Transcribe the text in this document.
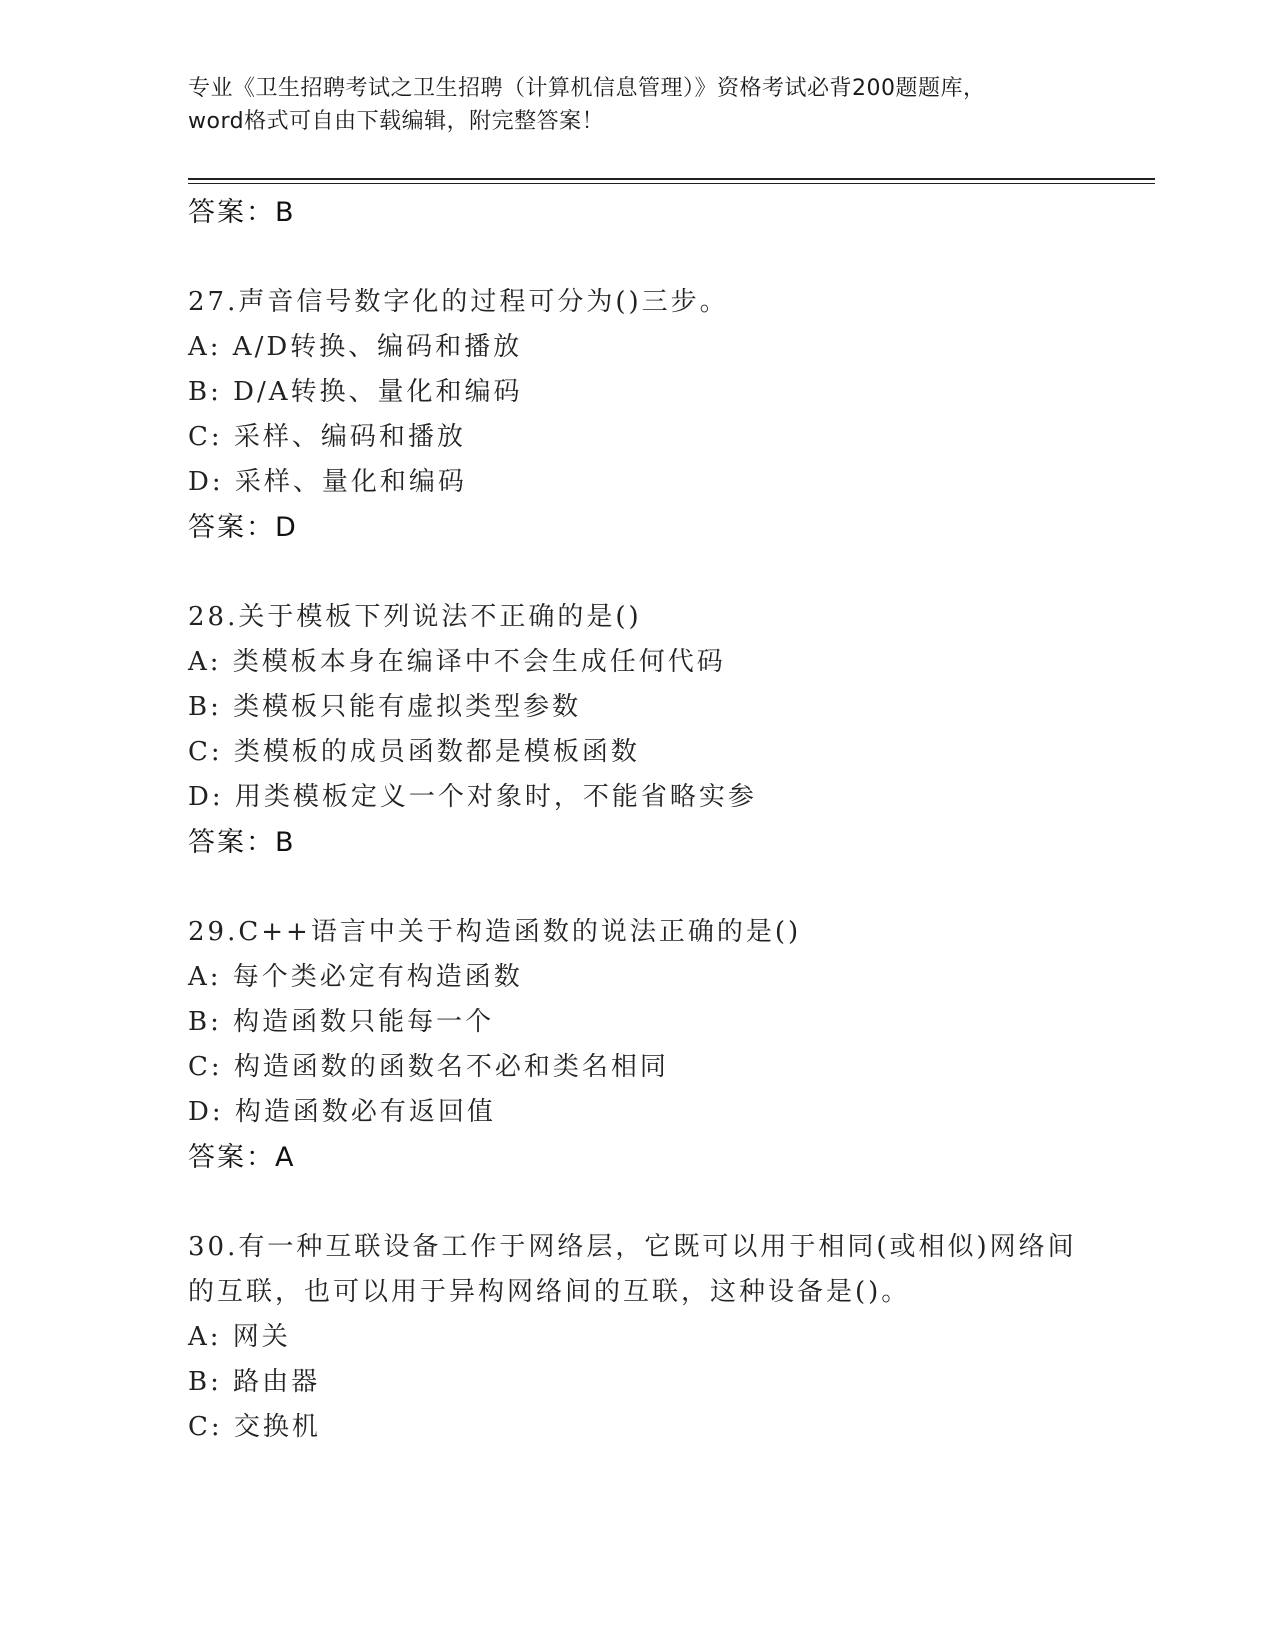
专业《卫生招聘考试之卫生招聘（计算机信息管理）》资格考试必背200题题库，
word格式可自由下载编辑，附完整答案！
答案：B
27.声音信号数字化的过程可分为()三步。
A: A/D转换、编码和播放
B: D/A转换、量化和编码
C: 采样、编码和播放
D: 采样、量化和编码
答案：D
28.关于模板下列说法不正确的是()
A: 类模板本身在编译中不会生成任何代码
B: 类模板只能有虚拟类型参数
C: 类模板的成员函数都是模板函数
D: 用类模板定义一个对象时，不能省略实参
答案：B
29.C++语言中关于构造函数的说法正确的是()
A: 每个类必定有构造函数
B: 构造函数只能每一个
C: 构造函数的函数名不必和类名相同
D: 构造函数必有返回值
答案：A
30.有一种互联设备工作于网络层，它既可以用于相同(或相似)网络间
的互联，也可以用于异构网络间的互联，这种设备是()。
A: 网关
B: 路由器
C: 交换机
